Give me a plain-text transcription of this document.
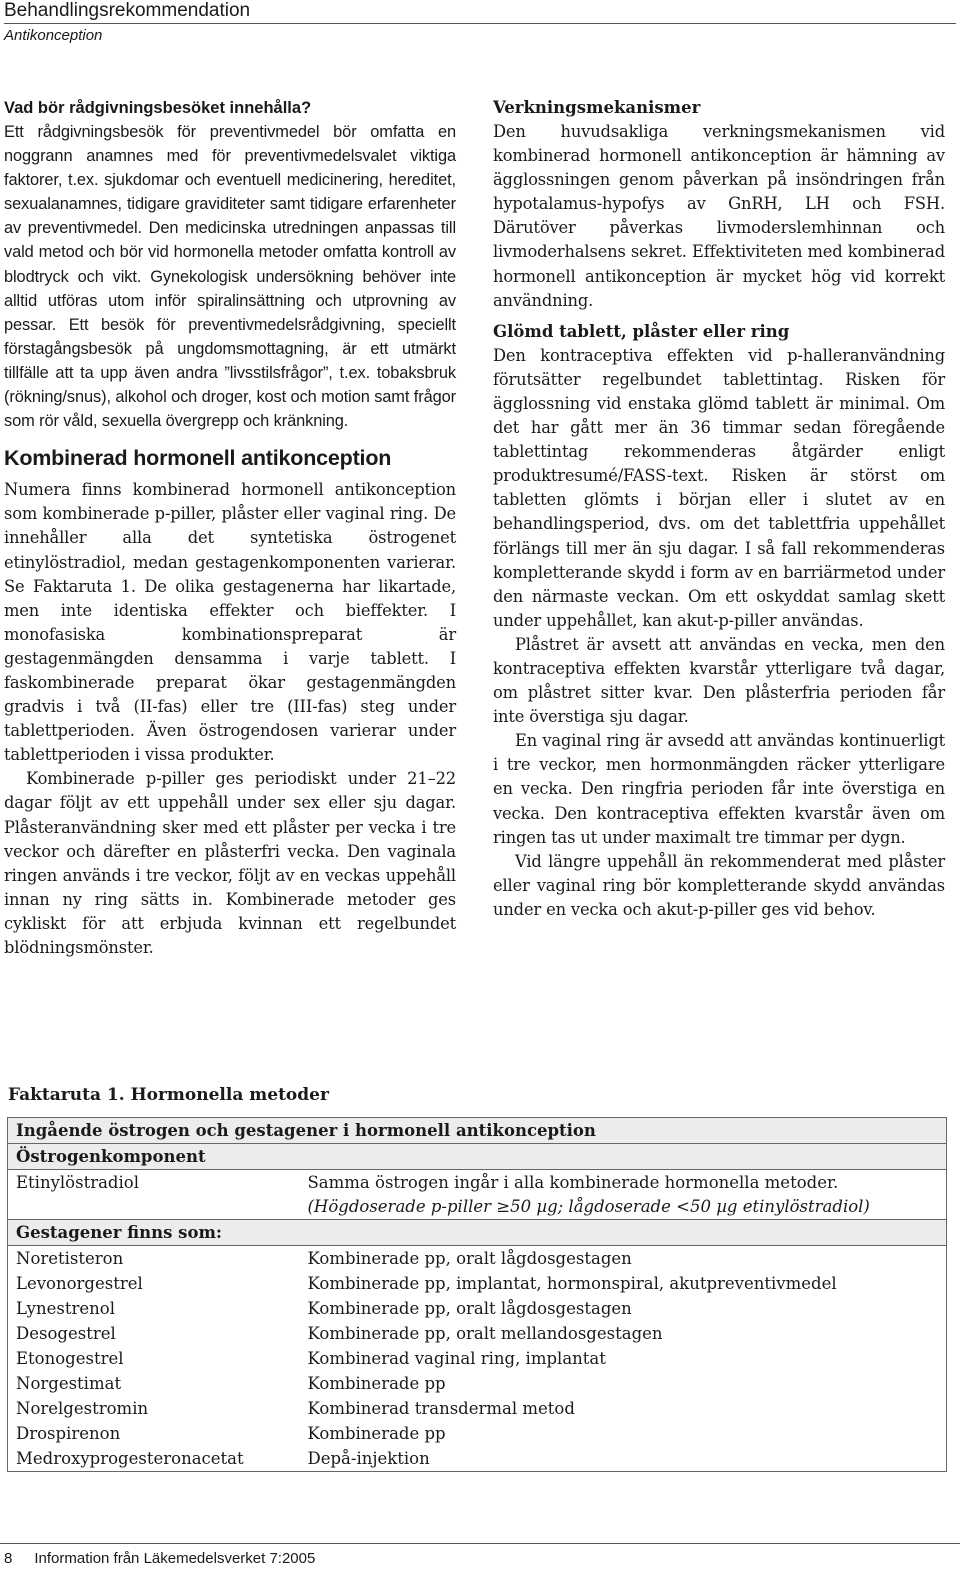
Behandlingsrekommendation
Antikonception
Vad bör rådgivningsbesöket innehålla?

Ett rådgivningsbesök för preventivmedel bör omfatta en noggrann anamnes med för preventivmedelsvalet viktiga faktorer, t.ex. sjukdomar och eventuell medicinering, hereditet, sexualanamnes, tidigare graviditeter samt tidigare erfarenheter av preventivmedel. Den medicinska utredningen anpassas till vald metod och bör vid hormonella metoder omfatta kontroll av blodtryck och vikt. Gynekologisk undersökning behöver inte alltid utföras utom inför spiralinsättning och utprovning av pessar. Ett besök för preventivmedelsrådgivning, speciellt förstagångsbesök på ungdomsmottagning, är ett utmärkt tillfälle att ta upp även andra ”livsstilsfrågor”, t.ex. tobaksbruk (rökning/snus), alkohol och droger, kost och motion samt frågor som rör våld, sexuella övergrepp och kränkning.

Kombinerad hormonell antikonception

Numera finns kombinerad hormonell antikonception som kombinerade p-piller, plåster eller vaginal ring. De innehåller alla det syntetiska östrogenet etinylöstradiol, medan gestagenkomponenten varierar. Se Faktaruta 1. De olika gestagenerna har likartade, men inte identiska effekter och bieffekter. I monofasiska kombinationspreparat är gestagenmängden densamma i varje tablett. I faskombinerade preparat ökar gestagenmängden gradvis i två (II-fas) eller tre (III-fas) steg under tablettperioden. Även östrogendosen varierar under tablettperioden i vissa produkter.

Kombinerade p-piller ges periodiskt under 21–22 dagar följt av ett uppehåll under sex eller sju dagar. Plåsteranvändning sker med ett plåster per vecka i tre veckor och därefter en plåsterfri vecka. Den vaginala ringen används i tre veckor, följt av en veckas uppehåll innan ny ring sätts in. Kombinerade metoder ges cykliskt för att erbjuda kvinnan ett regelbundet blödningsmönster.

Verkningsmekanismer

Den huvudsakliga verkningsmekanismen vid kombinerad hormonell antikonception är hämning av ägglossningen genom påverkan på insöndringen från hypotalamus-hypofys av GnRH, LH och FSH. Därutöver påverkas livmoderslemhinnan och livmoderhalsens sekret. Effektiviteten med kombinerad hormonell antikonception är mycket hög vid korrekt användning.

Glömd tablett, plåster eller ring

Den kontraceptiva effekten vid p-halleranvändning förutsätter regelbundet tablettintag. Risken för ägglossning vid enstaka glömd tablett är minimal. Om det har gått mer än 36 timmar sedan föregående tablettintag rekommenderas åtgärder enligt produktresumé/FASS-text. Risken är störst om tabletten glömts i början eller i slutet av en behandlingsperiod, dvs. om det tablettfria uppehållet förlängs till mer än sju dagar. I så fall rekommenderas kompletterande skydd i form av en barriärmetod under den närmaste veckan. Om ett oskyddat samlag skett under uppehållet, kan akut-p-piller användas.

Plåstret är avsett att användas en vecka, men den kontraceptiva effekten kvarstår ytterligare två dagar, om plåstret sitter kvar. Den plåsterfria perioden får inte överstiga sju dagar.

En vaginal ring är avsedd att användas kontinuerligt i tre veckor, men hormonmängden räcker ytterligare en vecka. Den ringfria perioden får inte överstiga en vecka. Den kontraceptiva effekten kvarstår även om ringen tas ut under maximalt tre timmar per dygn.

Vid längre uppehåll än rekommenderat med plåster eller vaginal ring bör kompletterande skydd användas under en vecka och akut-p-piller ges vid behov.

Faktaruta 1. Hormonella metoder
Ingående östrogen och gestagener i hormonell antikonception	
Östrogenkomponent	
Etinylöstradiol	Samma östrogen ingår i alla kombinerade hormonella metoder.
(Högdoserade p-piller ≥50 µg; lågdoserade <50 µg etinylöstradiol)

Gestagener finns som:	
Noretisteron	Kombinerade pp, oralt lågdosgestagen
Levonorgestrel	Kombinerade pp, implantat, hormonspiral, akutpreventivmedel
Lynestrenol	Kombinerade pp, oralt lågdosgestagen
Desogestrel	Kombinerade pp, oralt mellandosgestagen
Etonogestrel	Kombinerad vaginal ring, implantat
Norgestimat	Kombinerade pp
Norelgestromin	Kombinerad transdermal metod
Drospirenon	Kombinerade pp
Medroxyprogesteronacetat	Depå-injektion
8 Information från Läkemedelsverket 7:2005
